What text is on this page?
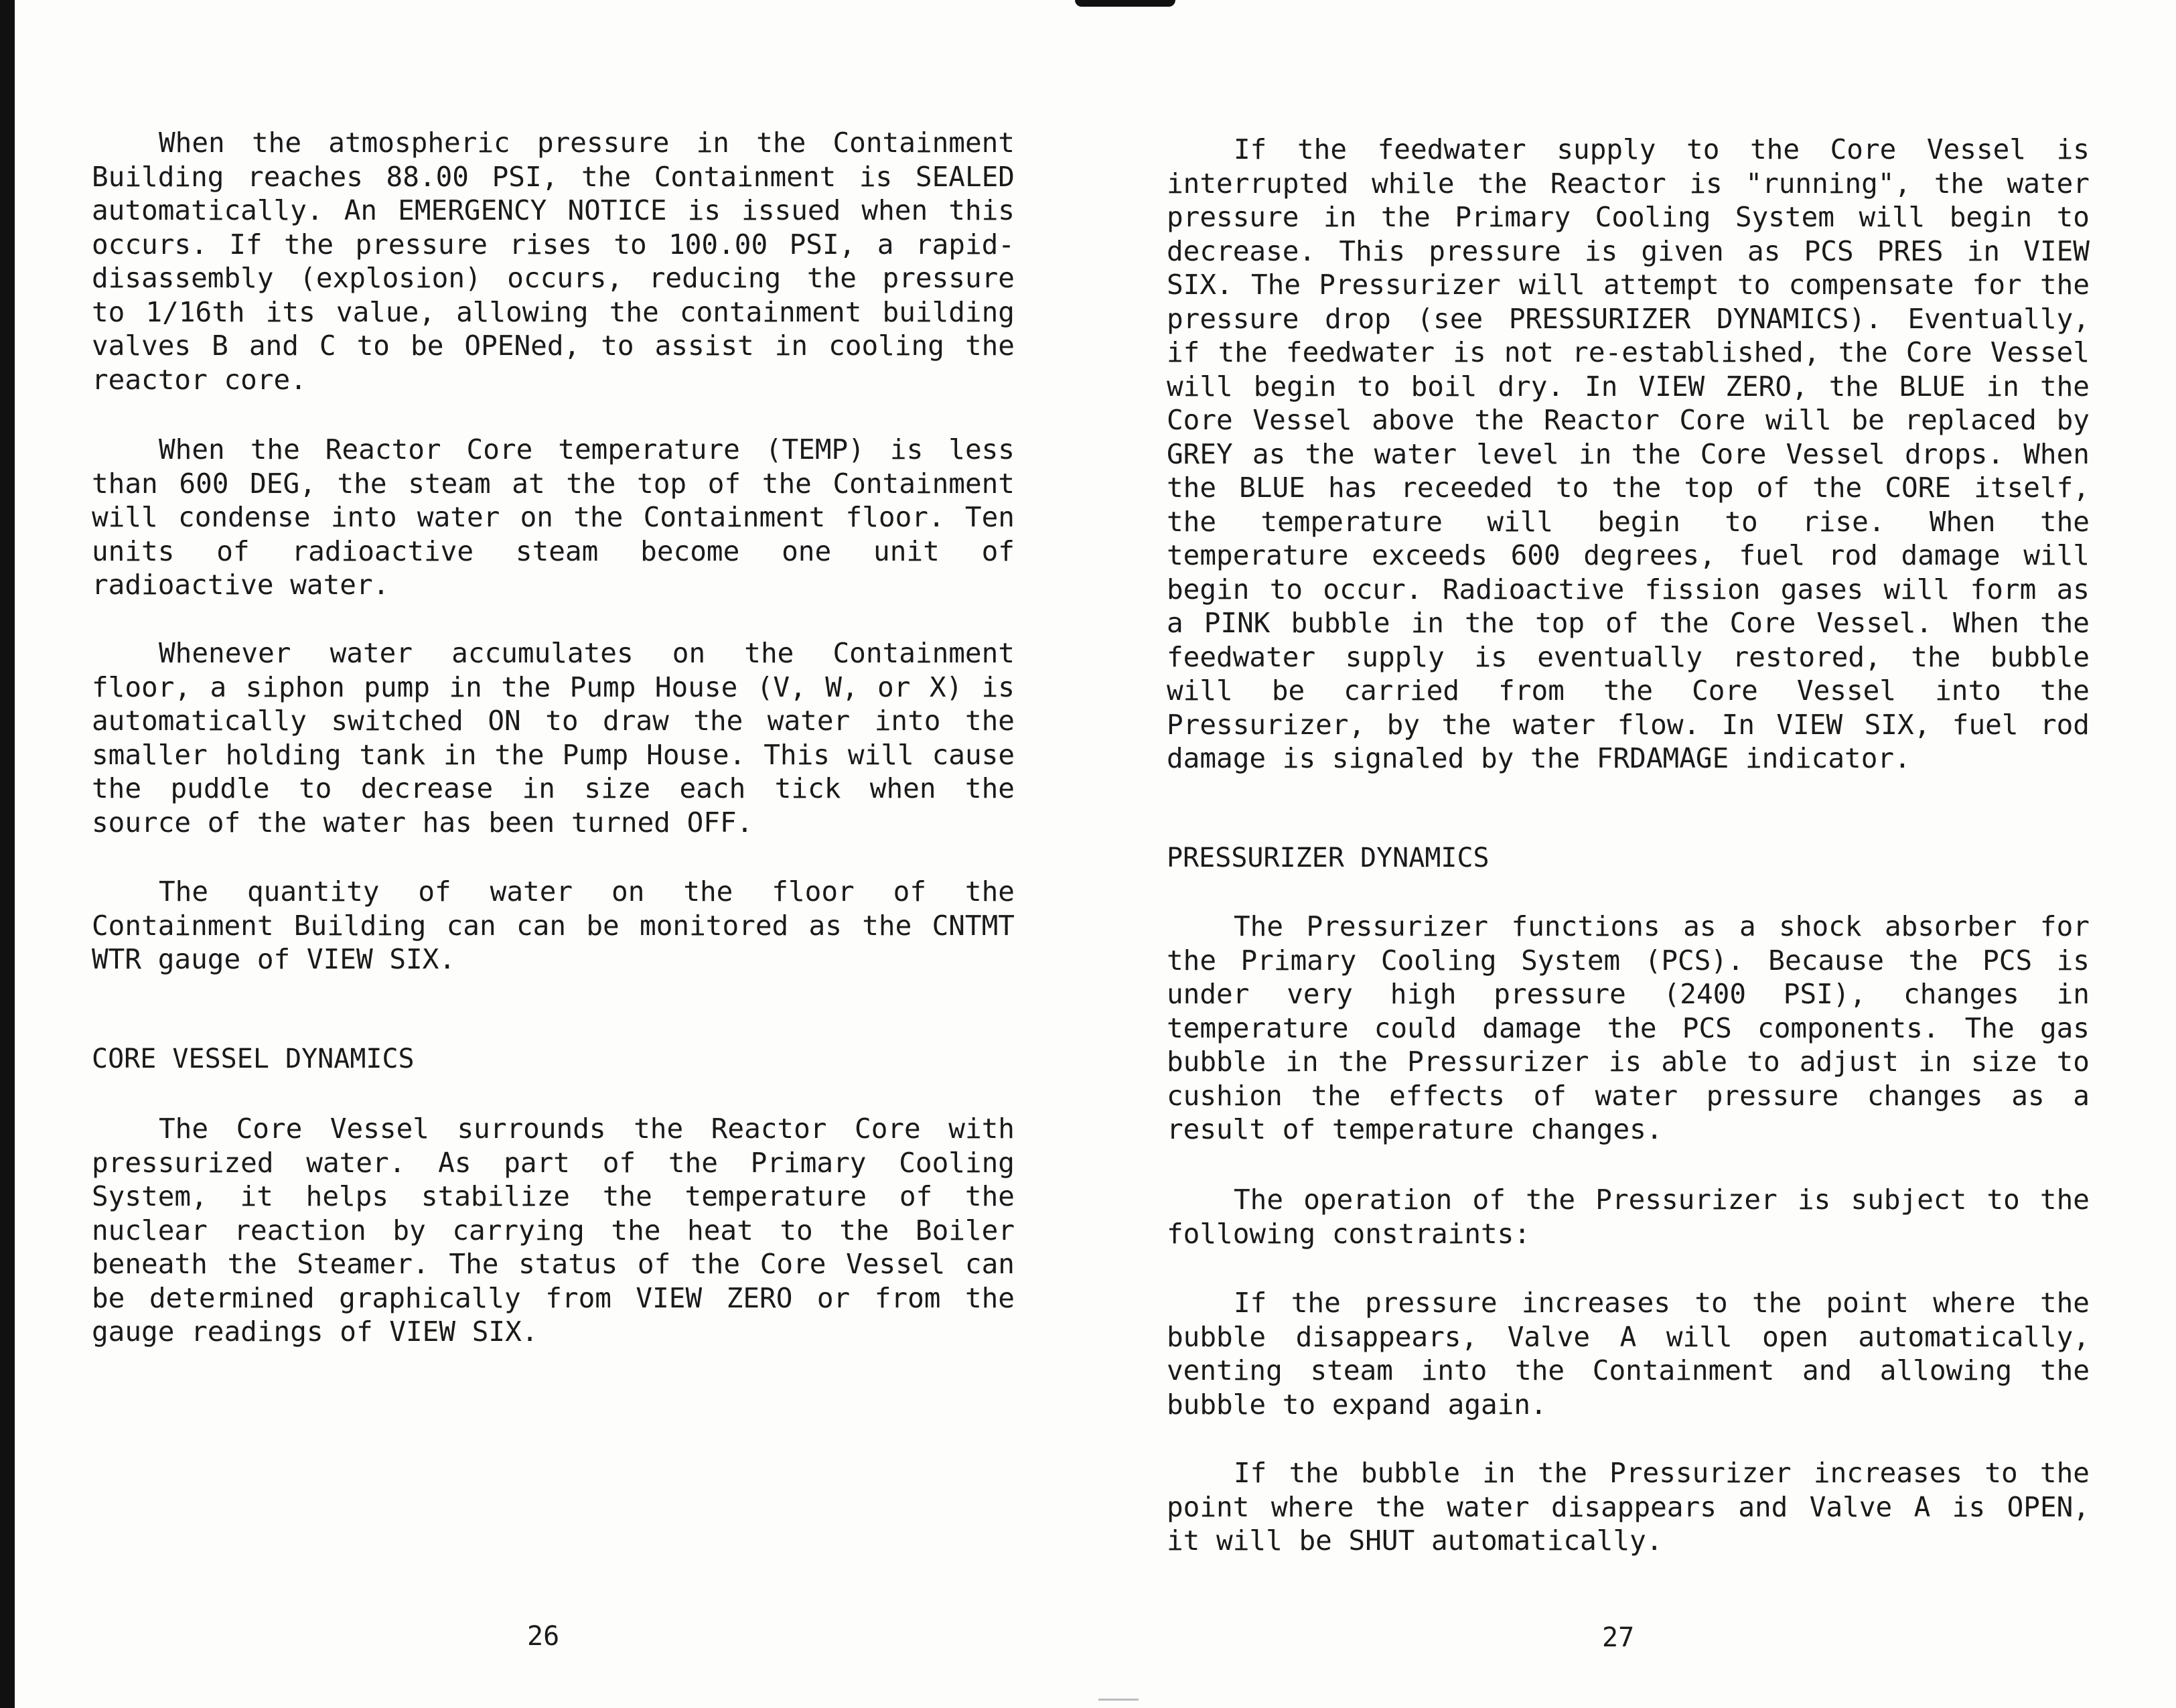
When the atmospheric pressure in the Containment Building reaches 88.00 PSI, the Containment is SEALED automatically. An EMERGENCY NOTICE is issued when this occurs. If the pressure rises to 100.00 PSI, a rapid-disassembly (explosion) occurs, reducing the pressure to 1/16th its value, allowing the containment building valves B and C to be OPENed, to assist in cooling the reactor core.

When the Reactor Core temperature (TEMP) is less than 600 DEG, the steam at the top of the Containment will condense into water on the Containment floor. Ten units of radioactive steam become one unit of radioactive water.

Whenever water accumulates on the Containment floor, a siphon pump in the Pump House (V, W, or X) is automatically switched ON to draw the water into the smaller holding tank in the Pump House. This will cause the puddle to decrease in size each tick when the source of the water has been turned OFF.

The quantity of water on the floor of the Containment Building can can be monitored as the CNTMT WTR gauge of VIEW SIX.

CORE VESSEL DYNAMICS

The Core Vessel surrounds the Reactor Core with pressurized water. As part of the Primary Cooling System, it helps stabilize the temperature of the nuclear reaction by carrying the heat to the Boiler beneath the Steamer. The status of the Core Vessel can be determined graphically from VIEW ZERO or from the gauge readings of VIEW SIX.

26

If the feedwater supply to the Core Vessel is interrupted while the Reactor is "running", the water pressure in the Primary Cooling System will begin to decrease. This pressure is given as PCS PRES in VIEW SIX. The Pressurizer will attempt to compensate for the pressure drop (see PRESSURIZER DYNAMICS). Eventually, if the feedwater is not re-established, the Core Vessel will begin to boil dry. In VIEW ZERO, the BLUE in the Core Vessel above the Reactor Core will be replaced by GREY as the water level in the Core Vessel drops. When the BLUE has receeded to the top of the CORE itself, the temperature will begin to rise. When the temperature exceeds 600 degrees, fuel rod damage will begin to occur. Radioactive fission gases will form as a PINK bubble in the top of the Core Vessel. When the feedwater supply is eventually restored, the bubble will be carried from the Core Vessel into the Pressurizer, by the water flow. In VIEW SIX, fuel rod damage is signaled by the FRDAMAGE indicator.

PRESSURIZER DYNAMICS

The Pressurizer functions as a shock absorber for the Primary Cooling System (PCS). Because the PCS is under very high pressure (2400 PSI), changes in temperature could damage the PCS components. The gas bubble in the Pressurizer is able to adjust in size to cushion the effects of water pressure changes as a result of temperature changes.

The operation of the Pressurizer is subject to the following constraints:

If the pressure increases to the point where the bubble disappears, Valve A will open automatically, venting steam into the Containment and allowing the bubble to expand again.

If the bubble in the Pressurizer increases to the point where the water disappears and Valve A is OPEN, it will be SHUT automatically.

27
